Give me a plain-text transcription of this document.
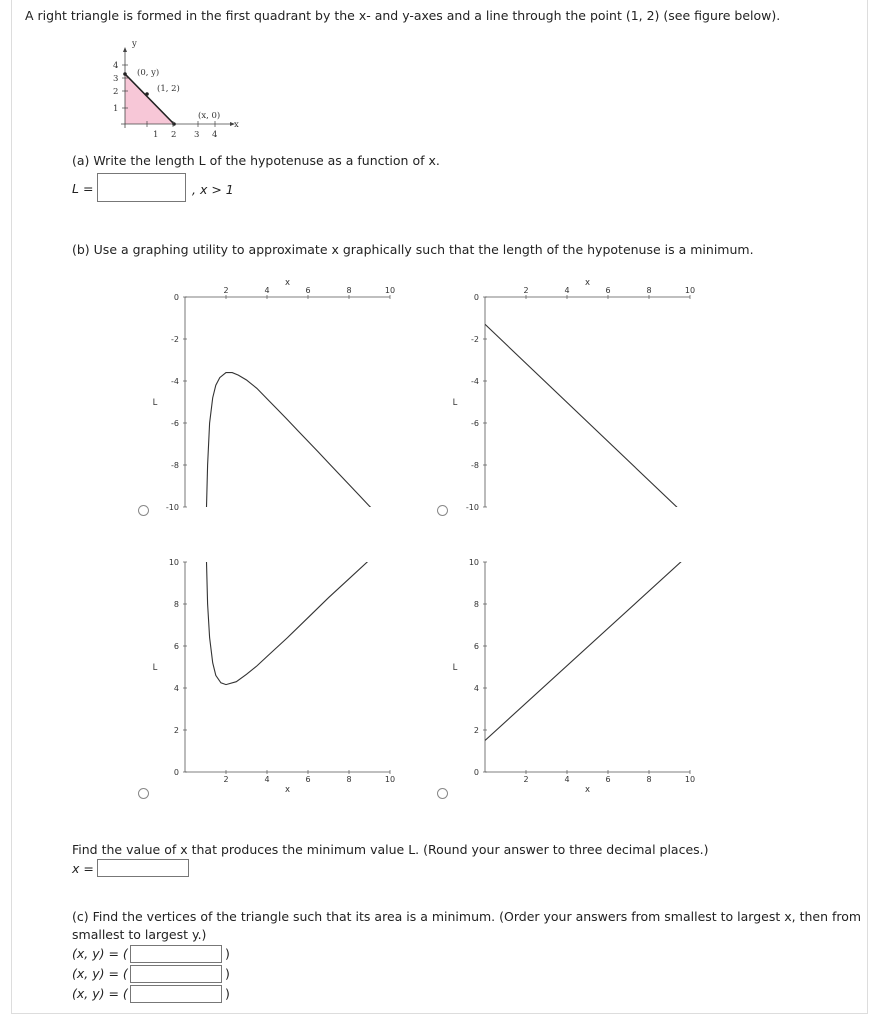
A right triangle is formed in the first quadrant by the x- and y-axes and a line through the point (1, 2) (see figure below).
y
x
4
3
2
1
1 2 3 4
(0, y)
(1, 2)
(x, 0)
(a) Write the length L of the hypotenuse as a function of x.
L =	, x > 1
(b) Use a graphing utility to approximate x graphically such that the length of the hypotenuse is a minimum.
2	4	6	8	10
0
-2
-4
-6
-8
-10
x
L
2	4	6	8	10
0
-2
-4
-6
-8
-10
x
L
2	4	6	8	10
0
2
4
6
8
10
x
L
2	4	6	8	10
0
2
4
6
8
10
x
L
Find the value of x that produces the minimum value L. (Round your answer to three decimal places.)
x =
(c) Find the vertices of the triangle such that its area is a minimum. (Order your answers from smallest to largest x, then from
smallest to largest y.)
(x, y) = (	)
(x, y) = (	)
(x, y) = (	)
